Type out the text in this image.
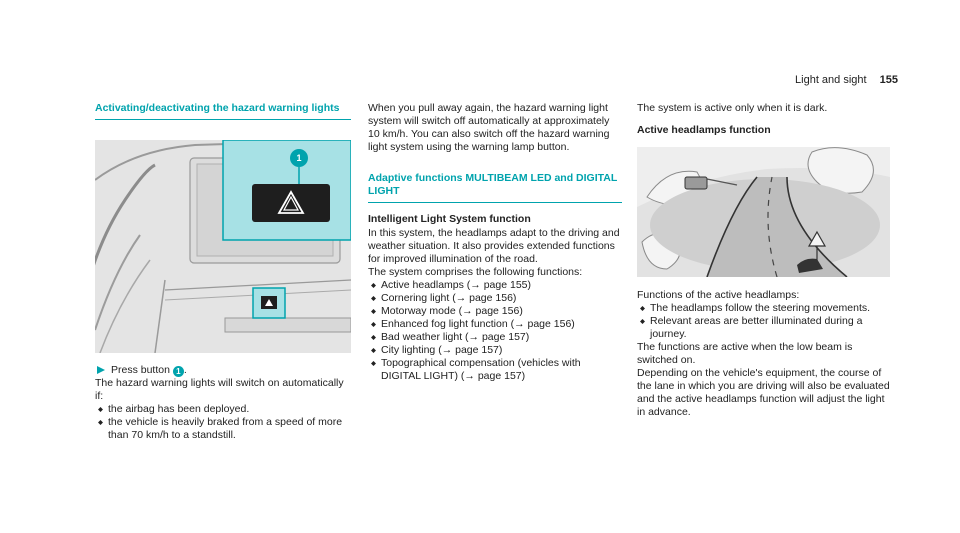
Light and sight 155
Activating/deactivating the hazard warning lights
1
Press button 1 .

The hazard warning lights will switch on automatically if:

the airbag has been deployed.
the vehicle is heavily braked from a speed of more than 70 km/h to a standstill.

When you pull away again, the hazard warning light system will switch off automatically at approximately 10 km/h. You can also switch off the hazard warning light system using the warning lamp button.

Adaptive functions MULTIBEAM LED and DIGITAL LIGHT
Intelligent Light System function

In this system, the headlamps adapt to the driving and weather situation. It also provides extended functions for improved illumination of the road.

The system comprises the following functions:

Active headlamps (→ page 155)
Cornering light (→ page 156)
Motorway mode (→ page 156)
Enhanced fog light function (→ page 156)
Bad weather light (→ page 157)
City lighting (→ page 157)
Topographical compensation (vehicles with DIGITAL LIGHT) (→ page 157)

The system is active only when it is dark.

Active headlamps function

Functions of the active headlamps:

The headlamps follow the steering movements.
Relevant areas are better illuminated during a journey.

The functions are active when the low beam is switched on.

Depending on the vehicle's equipment, the course of the lane in which you are driving will also be evaluated and the active headlamps function will adjust the light in advance.
